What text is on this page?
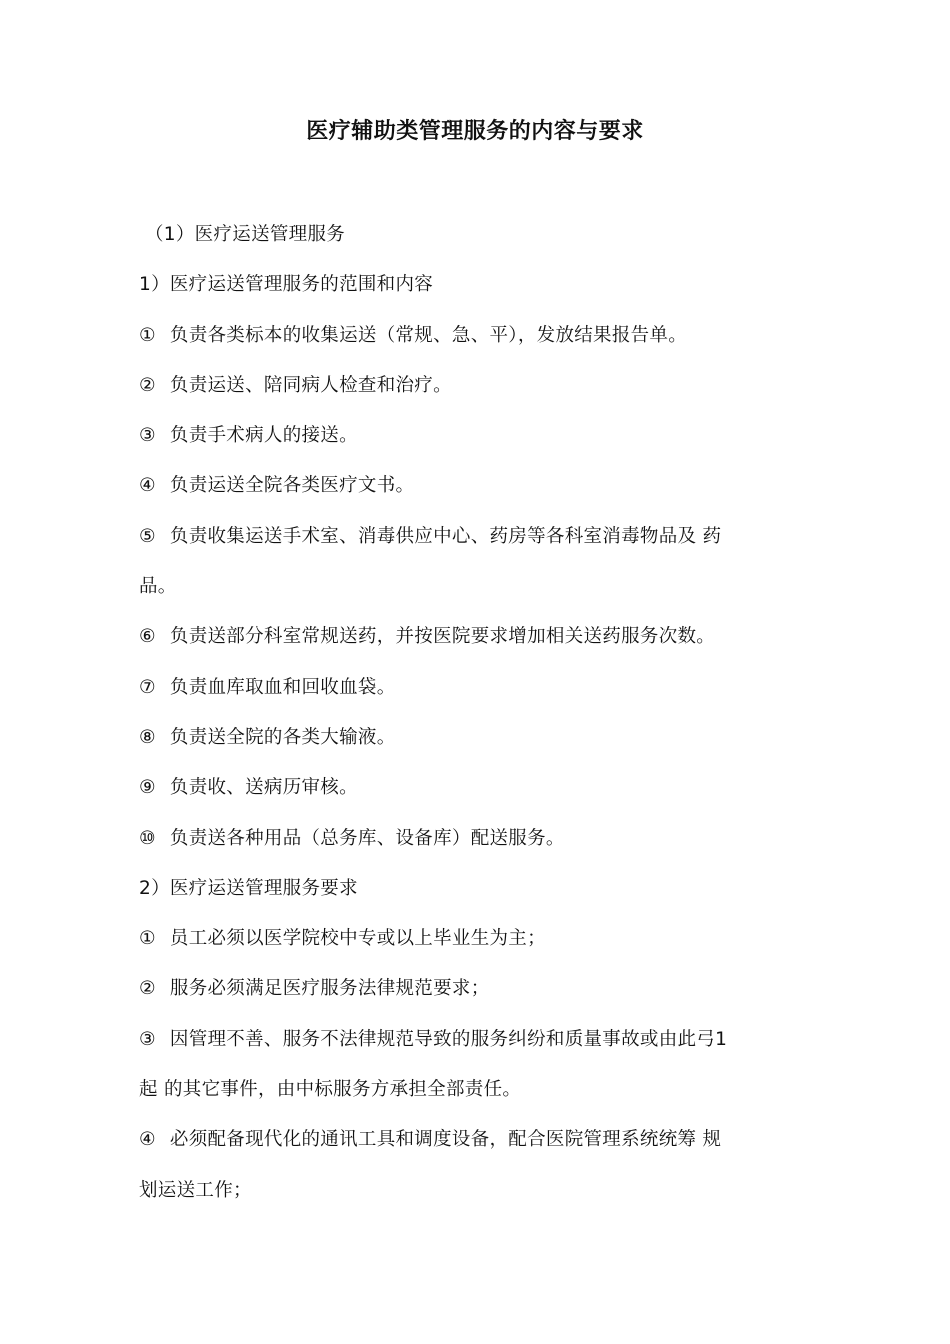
医疗辅助类管理服务的内容与要求
（1）医疗运送管理服务
1）医疗运送管理服务的范围和内容
① 负责各类标本的收集运送（常规、急、平），发放结果报告单。
② 负责运送、陪同病人检查和治疗。
③ 负责手术病人的接送。
④ 负责运送全院各类医疗文书。
⑤ 负责收集运送手术室、消毒供应中心、药房等各科室消毒物品及 药
品。
⑥ 负责送部分科室常规送药，并按医院要求增加相关送药服务次数。
⑦ 负责血库取血和回收血袋。
⑧ 负责送全院的各类大输液。
⑨ 负责收、送病历审核。
⑩ 负责送各种用品（总务库、设备库）配送服务。
2）医疗运送管理服务要求
① 员工必须以医学院校中专或以上毕业生为主；
② 服务必须满足医疗服务法律规范要求；
③ 因管理不善、服务不法律规范导致的服务纠纷和质量事故或由此弓1
起 的其它事件，由中标服务方承担全部责任。
④ 必须配备现代化的通讯工具和调度设备，配合医院管理系统统筹 规
划运送工作；
